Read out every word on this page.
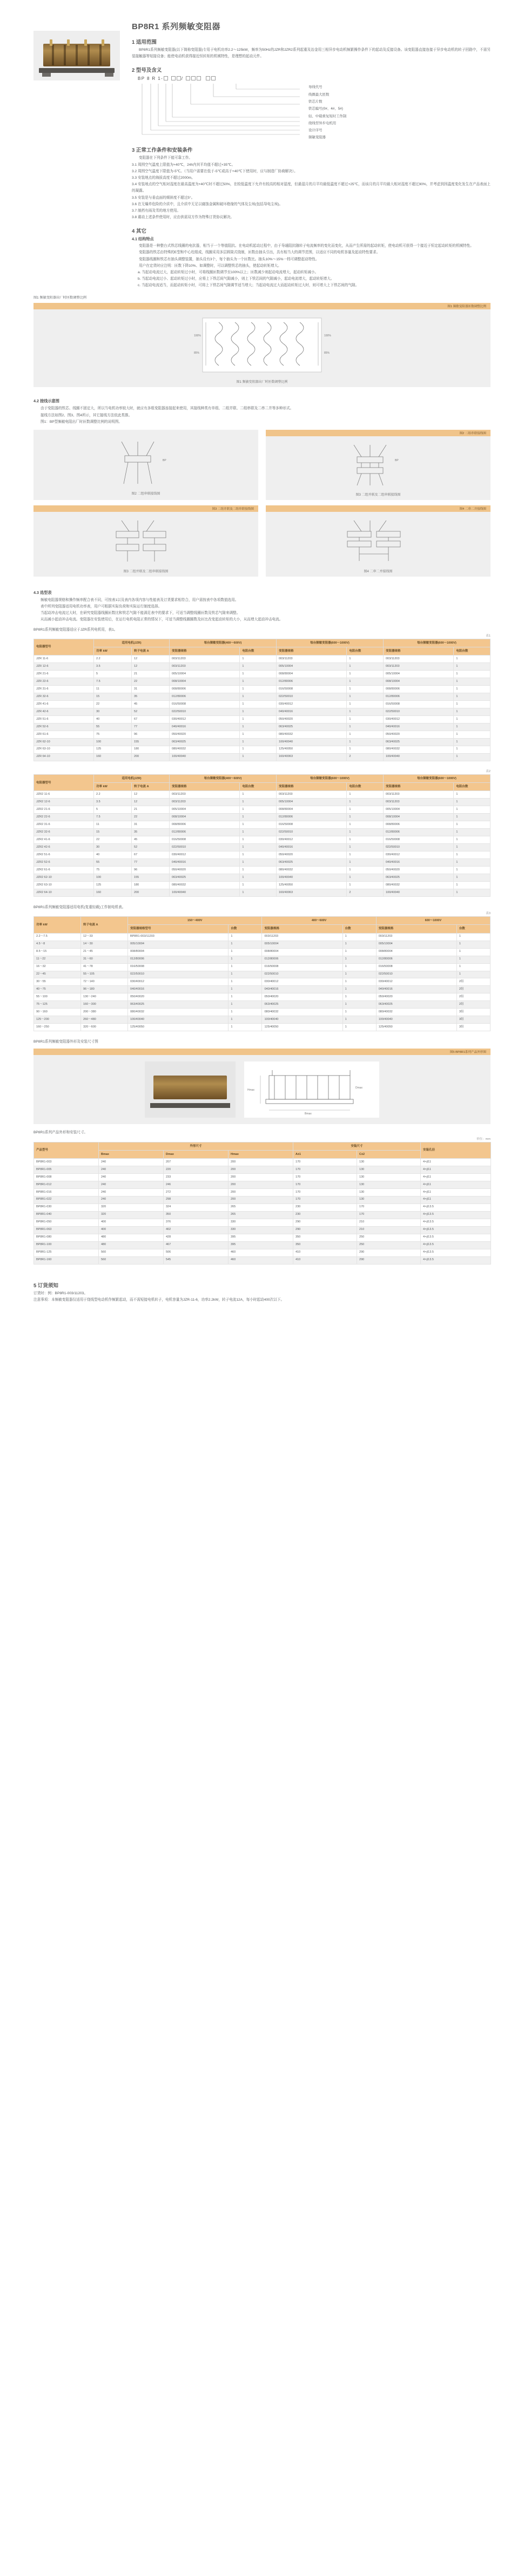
BP8R1 系列频敏变阻器
1 适用范围

BP8R1系列频敏变阻器(以下简称变阻器)专用于电机功率2.2～125kW，频率为50Hz的JZR和JZR2系列起重及冶金用三相异步电动机频繁操作条件下的起动及反接设备。该变阻器直接连接于异步电动机的转子回路中，不需另装接触器等短接设备；能使电动机获得接近恒转矩的机械特性，是理想的起动元件。

2 型号及含义
BP 8 R 1-	/
导线代号
线圈最大匝数
铁芯片数
铁芯编号(0#、4#、5#)
轻、中载重复短时工作制
绕线型异步电机用
设计序号
频敏变阻器
3 正常工作条件和安装条件

变阻器在下列条件下能可靠工作。

3.1 周围空气温度上限值为+40℃，24h内其平均值不超过+35℃。

3.2 周围空气温度下限值为-5℃。（当用户需要在低于-5℃或高于+40℃下使用时，应与制造厂协商解决）。

3.3 安装地点的海拔高度不超过2000m。

3.4 安装地点的空气相对湿度在最高温度为+40℃时不超过50%，在较低温度下允许有较高的相对湿度，但最湿月的月平均最低温度不超过+25℃，而该月的月平均最大相对湿度不超过90%，并考虑到因温度变化发生在产品表面上的凝露。

3.5 安装是与垂直面的倾斜度不超过5°。

3.6 在无爆炸危险的介质中，且介质中无足以腐蚀金属和破坏绝缘的气体及尘埃(包括导电尘埃)。

3.7 制药有雨及雪的地方使用。

3.8 震动上述条件使用时，应由供需双方作为特殊订货协议解决。

4 其它
4.1 结构特点

变阻器是一种整台式铁芯线圈的电抗器，相当于一个等值阻抗。在电动机起动过程中，由于导通阻抗随转子电流频率的变化而变化，从而产生所需的起动转矩，使电动机可获得一个接近于恒定起动转矩的机械特性。

变阻器的铁芯由特殊的E型和中心柱组成，线圈采用多层圆筒式绕制，匝数由抽头引出，具有相当大的调节范围，以适应不同的电机容量及起动特性要求。

变阻器线圈和铁芯有抽头调整装置，抽头设有3个，每个抽头为一个匝数比。抽头10%～15%一档可调整起动特性。

用户在定货时应注明：匝数下降10%、如调整时，可以调整铁芯的抽头，使起动转矩增大。

a. 当起动电流过大，起动转矩过小时，可将线圈匝数调节至100%以上；匝数减少则起动电流增大，起动转矩减小。

b. 当起动电流过小、起动转矩过小时，应将上下铁芯间气隙减小，则上下铁芯间的气隙减小，起动电流增大，起动转矩增大。

c. 当起动电流适当，而起动转矩小时，可将上下铁芯间气隙调节适当增大；当起动电流过大而起动转矩过大时，则可增大上下铁芯间的气隙。

图1 频敏变阻器出厂时匝数调整比例

图1 频敏变阻器匝数调整比例
100%
85%
100%
85%
图1 频敏变阻器出厂时匝数调整比例
4.2 接线示意图

由于变阻器的铁芯、线圈不固定大，所以当电机功率较大时，就应有多组变阻器连接起来使用，其接线种类有单组、二组并联、二组串联及二串二并等多种形式。

接线方法如图2、图3、图4所示，其它接线方法依此类推。

图1：BP型频敏电阻出厂时匝数调整比例的说明图。

BP
图2 二组串联接线图
图2 二组串联接线图
BP
图3 二组并联及二组串联接线图
图3 二组并联及二组串联接线图
图3 二组并联及二组串联接线图
图4 二串二并接线图
图4 二串二并接线图
4.3 选型表

频敏电阻器规格和操作频率配合表不同，可按表1以及表内各项内容与性能表及订货要求相符合，用户需按表中各项数值选用。

表中所列变阻器适用电机功率表，用户可根据实际负荷和实际运行制度选择。

当起动冲击电流过大时，在研究变阻器线圈匝数比和铁芯气隙不能满足表中的要求下，可适当调整线圈匝数及铁芯气隙来调整。

从而减小起动冲击电流。变阻器在安装使用后，在运行电机电阻正常的情况下，可适当调整线圈圈数及匝比改变起动转矩的大小，从而增大起动冲击电流。

BP8R1系列频敏变阻器适应于JZR系列电机用，表1。

表1
电阻器型号	适用电机(JZR)		每台频敏变阻器(400～600V)		每台频敏变阻器(600～1000V)		每台频敏变阻器(600～1000V)	
	功率 kW	转子电流 A	变阻器规格	电阻台数	变阻器规格	电阻台数	变阻器规格	电阻台数
JZR 11-6	2.2	12	003/11203	1	003/11203	1	003/11203	1
JZR 12-6	3.5	12	003/11203	1	005/10004	1	003/11203	1
JZR 21-6	5	21	005/10004	1	008/80004	1	005/10004	1
JZR 22-6	7.5	22	008/10004	1	012/80006	1	008/10004	1
JZR 31-6	11	31	008/80006	1	016/50008	1	008/80006	1
JZR 32-6	15	35	012/80006	1	022/50010	1	012/80006	1
JZR 41-6	22	45	016/50008	1	030/40012	1	016/50008	1
JZR 42-6	30	52	022/50010	1	040/40016	1	022/50010	1
JZR 51-6	40	67	030/40012	1	050/40020	1	030/40012	1
JZR 52-6	55	77	040/40016	1	063/40025	1	040/40016	1
JZR 61-6	75	96	050/40020	1	080/40032	1	050/40020	1
JZR 62-10	100	155	063/40025	1	100/40040	1	063/40025	1
JZR 63-10	125	180	080/40032	1	125/40050	1	080/40032	1
JZR 64-10	160	200	100/40040	1	160/40063	2	100/40040	1
表2
电阻器型号	适用电机(JZR)		每台频敏变阻器(400～600V)		每台频敏变阻器(600～1000V)		每台频敏变阻器(600～1000V)	
	功率 kW	转子电流 A	变阻器规格	电阻台数	变阻器规格	电阻台数	变阻器规格	电阻台数
JZR2 11-6	2.2	12	003/11203	1	003/11203	1	003/11203	1
JZR2 12-6	3.5	12	003/11203	1	005/10004	1	003/11203	1
JZR2 21-6	5	21	005/10004	1	008/80004	1	005/10004	1
JZR2 22-6	7.5	22	008/10004	1	012/80006	1	008/10004	1
JZR2 31-6	11	31	008/80006	1	016/50008	1	008/80006	1
JZR2 32-6	15	35	012/80006	1	022/50010	1	012/80006	1
JZR2 41-6	22	45	016/50008	1	030/40012	1	016/50008	1
JZR2 42-6	30	52	022/50010	1	040/40016	1	022/50010	1
JZR2 51-6	40	67	030/40012	1	050/40020	1	030/40012	1
JZR2 52-6	55	77	040/40016	1	063/40025	1	040/40016	1
JZR2 61-6	75	96	050/40020	1	080/40032	1	050/40020	1
JZR2 62-10	100	155	063/40025	1	100/40040	1	063/40025	1
JZR2 63-10	125	180	080/40032	1	125/40050	1	080/40032	1
JZR2 64-10	160	200	100/40040	1	160/40063	2	100/40040	1

BP8R1系列频敏变阻器适用电机(复重轻载)工作制电机表。

表3
功率 kW	转子电流 A	150～400V		400～600V		600～1000V	
		变阻器规格型号	台数	变阻器规格	台数	变阻器规格	台数
2.2～7.5	12～33	BP8R1-003/11203	1	003/11203	1	003/11203	1
4.5～8	14～30	005/10004	1	005/10004	1	005/10004	1
8.5～15	21～45	008/80004	1	008/80004	1	008/80004	1
11～22	31～60	012/80006	1	012/80006	1	012/80006	1
16～32	41～78	016/50008	1	016/50008	1	016/50008	1
22～45	55～105	022/50010	1	022/50010	1	022/50010	1
30～55	72～140	030/40012	1	030/40012	1	030/40012	2组
40～75	96～180	040/40016	1	040/40016	1	040/40016	2组
55～100	130～240	050/40020	1	050/40020	1	050/40020	2组
75～125	160～300	063/40025	1	063/40025	1	063/40025	2组
90～160	200～380	080/40032	1	080/40032	1	080/40032	3组
125～200	260～480	100/40040	1	100/40040	1	100/40040	3组
160～250	320～600	125/40050	1	125/40050	1	125/40050	3组

BP8R1系列频敏变阻器外形及安装尺寸图

图5 BP8R1系列产品外形图
Bmax
Hmax
Dmax

BP8R1系列产品外形和安装尺寸。

单位：mm
产品型号	外形尺寸			安装尺寸		安装孔径
	Bmax	Dmax	Hmax	A±1	C±2	
BP8R1-003	240	207	200	170	130	4×∮11
BP8R1-005	240	220	200	170	130	4×∮11
BP8R1-008	240	233	200	170	130	4×∮11
BP8R1-012	240	246	200	170	130	4×∮11
BP8R1-016	240	272	200	170	130	4×∮11
BP8R1-022	240	298	200	170	130	4×∮11
BP8R1-030	320	324	265	230	170	4×∮13.5
BP8R1-040	320	350	265	230	170	4×∮13.5
BP8R1-050	400	376	330	290	210	4×∮13.5
BP8R1-063	400	402	330	290	210	4×∮13.5
BP8R1-080	480	428	395	350	250	4×∮13.5
BP8R1-100	480	467	395	350	250	4×∮13.5
BP8R1-125	560	506	460	410	290	4×∮13.5
BP8R1-160	560	545	460	410	290	4×∮13.5
5 订货须知

订货时：例：BP8R1-003/11203。

注意事项：本频敏变阻器仅适用于绕线型电动机作频繁起动，而不需短接电机转子，电机容量为JZR-11-6，功率2.2kW，转子电流12A，每小时起动400次以下。
